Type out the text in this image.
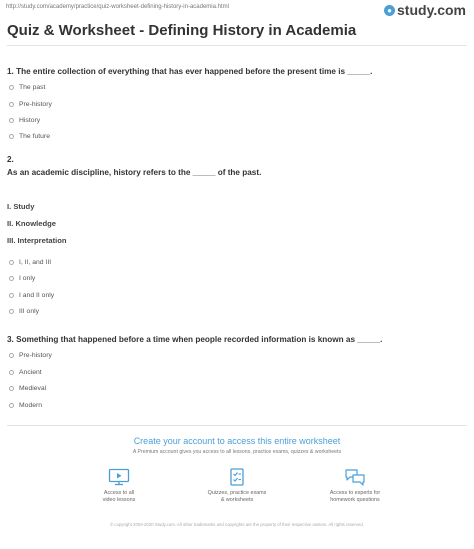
http://study.com/academy/practice/quiz-worksheet-defining-history-in-academia.html	● study.com
Quiz & Worksheet - Defining History in Academia
1. The entire collection of everything that has ever happened before the present time is _____.
The past
Pre-history
History
The future
2.
As an academic discipline, history refers to the _____ of the past.
I. Study
II. Knowledge
III. Interpretation
I, II, and III
I only
I and II only
III only
3. Something that happened before a time when people recorded information is known as _____.
Pre-history
Ancient
Medieval
Modern
Create your account to access this entire worksheet
A Premium account gives you access to all lessons, practice exams, quizzes & worksheets
Access to all
video lessons
Quizzes, practice exams
& worksheets
Access to experts for
homework questions
© copyright 2003-2020 Study.com. All other trademarks and copyrights are the property of their respective owners. All rights reserved.
